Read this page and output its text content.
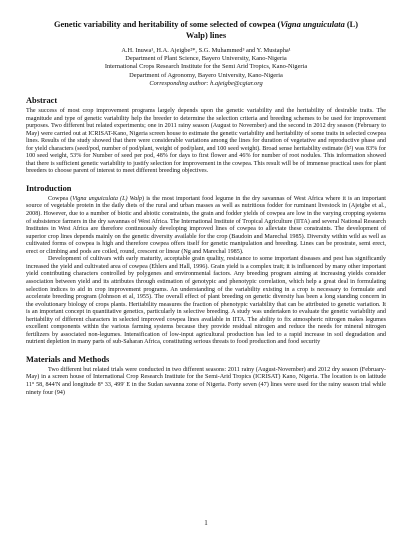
Genetic variability and heritability of some selected of cowpea (Vigna unguiculata (L) Walp) lines
A.H. Inuwa¹, H.A. Ajeigbe²*, S.G. Muhammed³ and Y. Mustapha¹
Department of Plant Science, Bayero University, Kano-Nigeria
International Crops Research Institute for the Semi Arid Tropics, Kano-Nigeria
Department of Agronomy, Bayero University, Kano-Nigeria
Corresponding author: h.ajeigbe@cgiar.org
Abstract

The success of most crop improvement programs largely depends upon the genetic variability and the heritability of desirable traits. The magnitude and type of genetic variability help the breeder to determine the selection criteria and breeding schemes to be used for improvement purposes. Two different but related experiments; one in 2011 rainy season (August to November) and the second in 2012 dry season (February to May) were carried out at ICRISAT-Kano, Nigeria screen house to estimate the genetic variability and heritability of some traits in selected cowpea lines. Results of the study showed that there were considerable variations among the lines for duration of vegetative and reproductive phase and for yield characters (seed/pod, number of pod/plant, weight of pod/plant, and 100 seed weight). Broad sense heritability estimate (h²) was 83% for 100 seed weight, 53% for Number of seed per pod, 48% for days to first flower and 46% for number of root nodules. This information showed that there is sufficient genetic variability to justify selection for improvement in the cowpea. This result will be of immense practical uses for plant breeders to choose parent of interest to meet different breeding objectives.

Introduction

Cowpea (Vigna unguiculata (L) Walp) is the most important food legume in the dry savannas of West Africa where it is an important source of vegetable protein in the daily diets of the rural and urban masses as well as nutritious fodder for ruminant livestock in (Ajeigbe et al., 2008). However, due to a number of biotic and abiotic constraints, the grain and fodder yields of cowpea are low in the varying cropping systems of subsistence farmers in the dry savannas of West Africa. The International Institute of Tropical Agriculture (IITA) and several National Research Institutes in West Africa are therefore continuously developing improved lines of cowpea to alleviate these constraints. The development of superior crop lines depends mainly on the genetic diversity available for the crop (Baudoin and Marechal 1985). Diversity within wild as well as cultivated forms of cowpea is high and therefore cowpea offers itself for genetic manipulation and breeding. Lines can be prostrate, semi erect, erect or climbing and pods are coiled, round, crescent or linear (Ng and Marechal 1985).

Development of cultivars with early maturity, acceptable grain quality, resistance to some important diseases and pest has significantly increased the yield and cultivated area of cowpea (Ehlers and Hall, 1996). Grain yield is a complex trait; it is influenced by many other important yield contributing characters controlled by polygenes and environmental factors. Any breeding program aiming at increasing yields consider association between yield and its attributes through estimation of genotypic and phenotypic correlation, which help a great deal in formulating selection indices to aid in crop improvement programs. An understanding of the variability existing in a crop is necessary to formulate and accelerate breeding program (Johnson et al, 1955). The overall effect of plant breeding on genetic diversity has been a long standing concern in the evolutionary biology of crops plants. Heritability measures the fraction of phenotypic variability that can be attributed to genetic variation. It is an important concept in quantitative genetics, particularly in selective breeding. A study was undertaken to evaluate the genetic variability and heritability of different characters in selected improved cowpea lines available in IITA. The ability to fix atmospheric nitrogen makes legumes excellent components within the various farming systems because they provide residual nitrogen and reduce the needs for mineral nitrogen fertilizers by associated non-legumes. Intensification of low-input agricultural production has led to a rapid increase in soil degradation and nutrient depletion in many parts of sub-Saharan Africa, constituting serious threats to food production and food security

Materials and Methods

Two different but related trials were conducted in two different seasons: 2011 rainy (August-November) and 2012 dry season (February-May) in a screen house of International Crop Research Institute for the Semi-Arid Tropics (ICRISAT) Kano, Nigeria. The location is on latitude 11° 58, 844′N and longitude 8° 33, 499′ E in the Sudan savanna zone of Nigeria. Forty seven (47) lines were used for the rainy season trial while ninety four (94)

1
